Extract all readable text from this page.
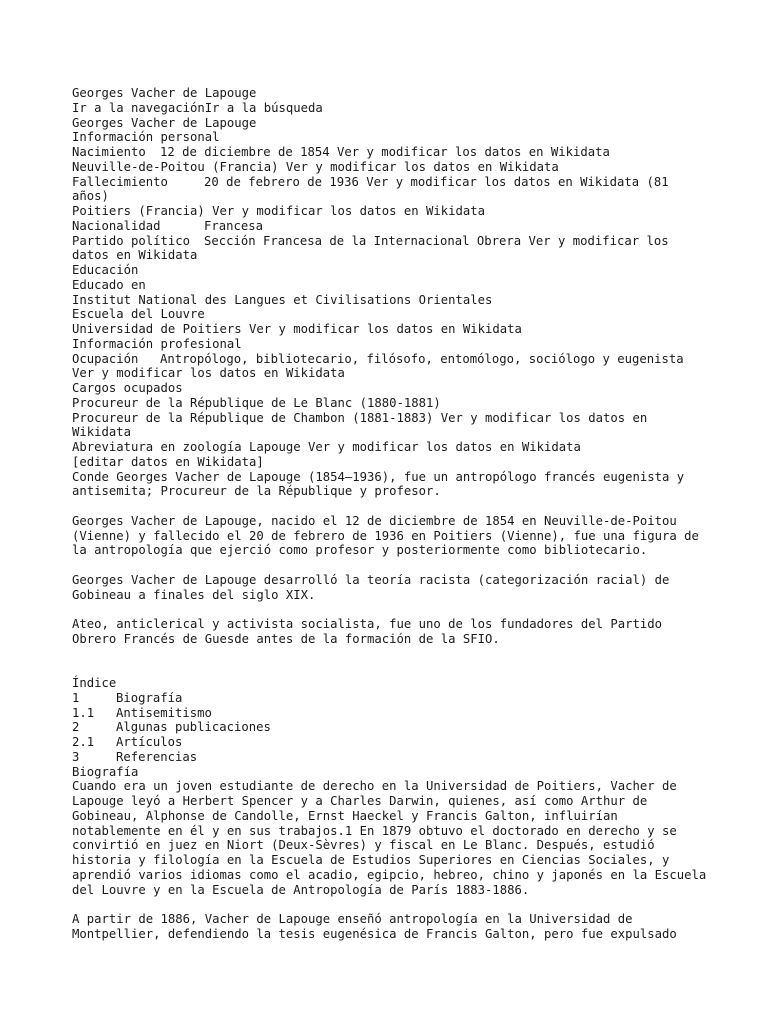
Georges Vacher de Lapouge

Ir a la navegaciónIr a la búsqueda

Georges Vacher de Lapouge

Información personal

Nacimiento 12 de diciembre de 1854 Ver y modificar los datos en Wikidata

Neuville-de-Poitou (Francia) Ver y modificar los datos en Wikidata

Fallecimiento	20 de febrero de 1936 Ver y modificar los datos en Wikidata (81 años)

Poitiers (Francia) Ver y modificar los datos en Wikidata

Nacionalidad	Francesa

Partido político Sección Francesa de la Internacional Obrera Ver y modificar los datos en Wikidata

Educación

Educado en

Institut National des Langues et Civilisations Orientales

Escuela del Louvre

Universidad de Poitiers Ver y modificar los datos en Wikidata

Información profesional

Ocupación Antropólogo, bibliotecario, filósofo, entomólogo, sociólogo y eugenista Ver y modificar los datos en Wikidata

Cargos ocupados

Procureur de la République de Le Blanc (1880-1881)

Procureur de la République de Chambon (1881-1883) Ver y modificar los datos en Wikidata

Abreviatura en zoología Lapouge Ver y modificar los datos en Wikidata

[editar datos en Wikidata]

Conde Georges Vacher de Lapouge (1854–1936), fue un antropólogo francés eugenista y antisemita; Procureur de la République y profesor.

Georges Vacher de Lapouge, nacido el 12 de diciembre de 1854 en Neuville-de-Poitou (Vienne) y fallecido el 20 de febrero de 1936 en Poitiers (Vienne), fue una figura de la antropología que ejerció como profesor y posteriormente como bibliotecario.

Georges Vacher de Lapouge desarrolló la teoría racista (categorización racial) de Gobineau a finales del siglo XIX.

Ateo, anticlerical y activista socialista, fue uno de los fundadores del Partido Obrero Francés de Guesde antes de la formación de la SFIO.

Índice

1	Biografía

1.1 Antisemitismo

2	Algunas publicaciones

2.1 Artículos

3	Referencias

Biografía

Cuando era un joven estudiante de derecho en la Universidad de Poitiers, Vacher de Lapouge leyó a Herbert Spencer y a Charles Darwin, quienes, así como Arthur de Gobineau, Alphonse de Candolle, Ernst Haeckel y Francis Galton, influirían notablemente en él y en sus trabajos.1 En 1879 obtuvo el doctorado en derecho y se convirtió en juez en Niort (Deux-Sèvres) y fiscal en Le Blanc. Después, estudió historia y filología en la Escuela de Estudios Superiores en Ciencias Sociales, y aprendió varios idiomas como el acadio, egipcio, hebreo, chino y japonés en la Escuela del Louvre y en la Escuela de Antropología de París 1883-1886.

A partir de 1886, Vacher de Lapouge enseñó antropología en la Universidad de Montpellier, defendiendo la tesis eugenésica de Francis Galton, pero fue expulsado
